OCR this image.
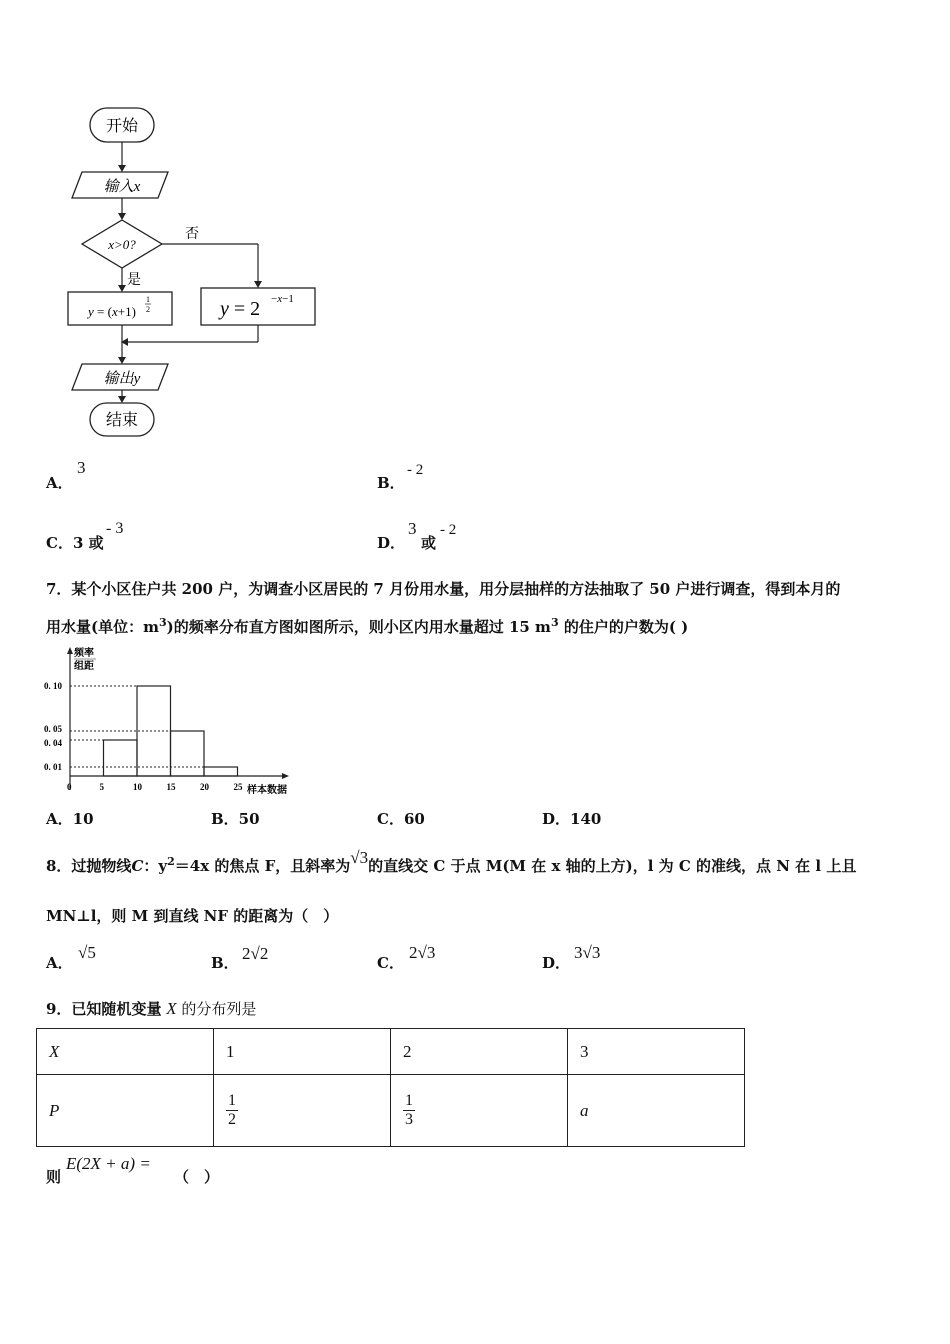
开始
输入x
x>0?
否
是
y = (x+1)
1
2	y = 2 −x−1
输出y
结束
A．
3
B．
- 2
C．3 或
- 3
D．
3
或
- 2
7．某个小区住户共 200 户，为调查小区居民的 7 月份用水量，用分层抽样的方法抽取了 50 户进行调查，得到本月的
用水量(单位：$m^3$)的频率分布直方图如图所示，则小区内用水量超过 15 $m^3$ 的住户的户数为( )
频率
组距
样本数据
0	5	10	15	20	25
0. 10
0. 05
0. 04
0. 01
A．10	B．50	C．60	D．140
8．过抛物线C：$y^2=4x$ 的焦点 F，且斜率为√3的直线交 C 于点 M(M 在 x 轴的上方)，l 为 C 的准线，点 N 在 l 上且
MN⊥l，则 M 到直线 NF 的距离为（　）
A．
√5
B． 2√2	C．
2√3
D．
3√3
9．已知随机变量 X 的分布列是
X	1	2	3
P	$\frac{1}{2}$	$\frac{1}{3}$	a
则
E(2X + a) =
（　）
